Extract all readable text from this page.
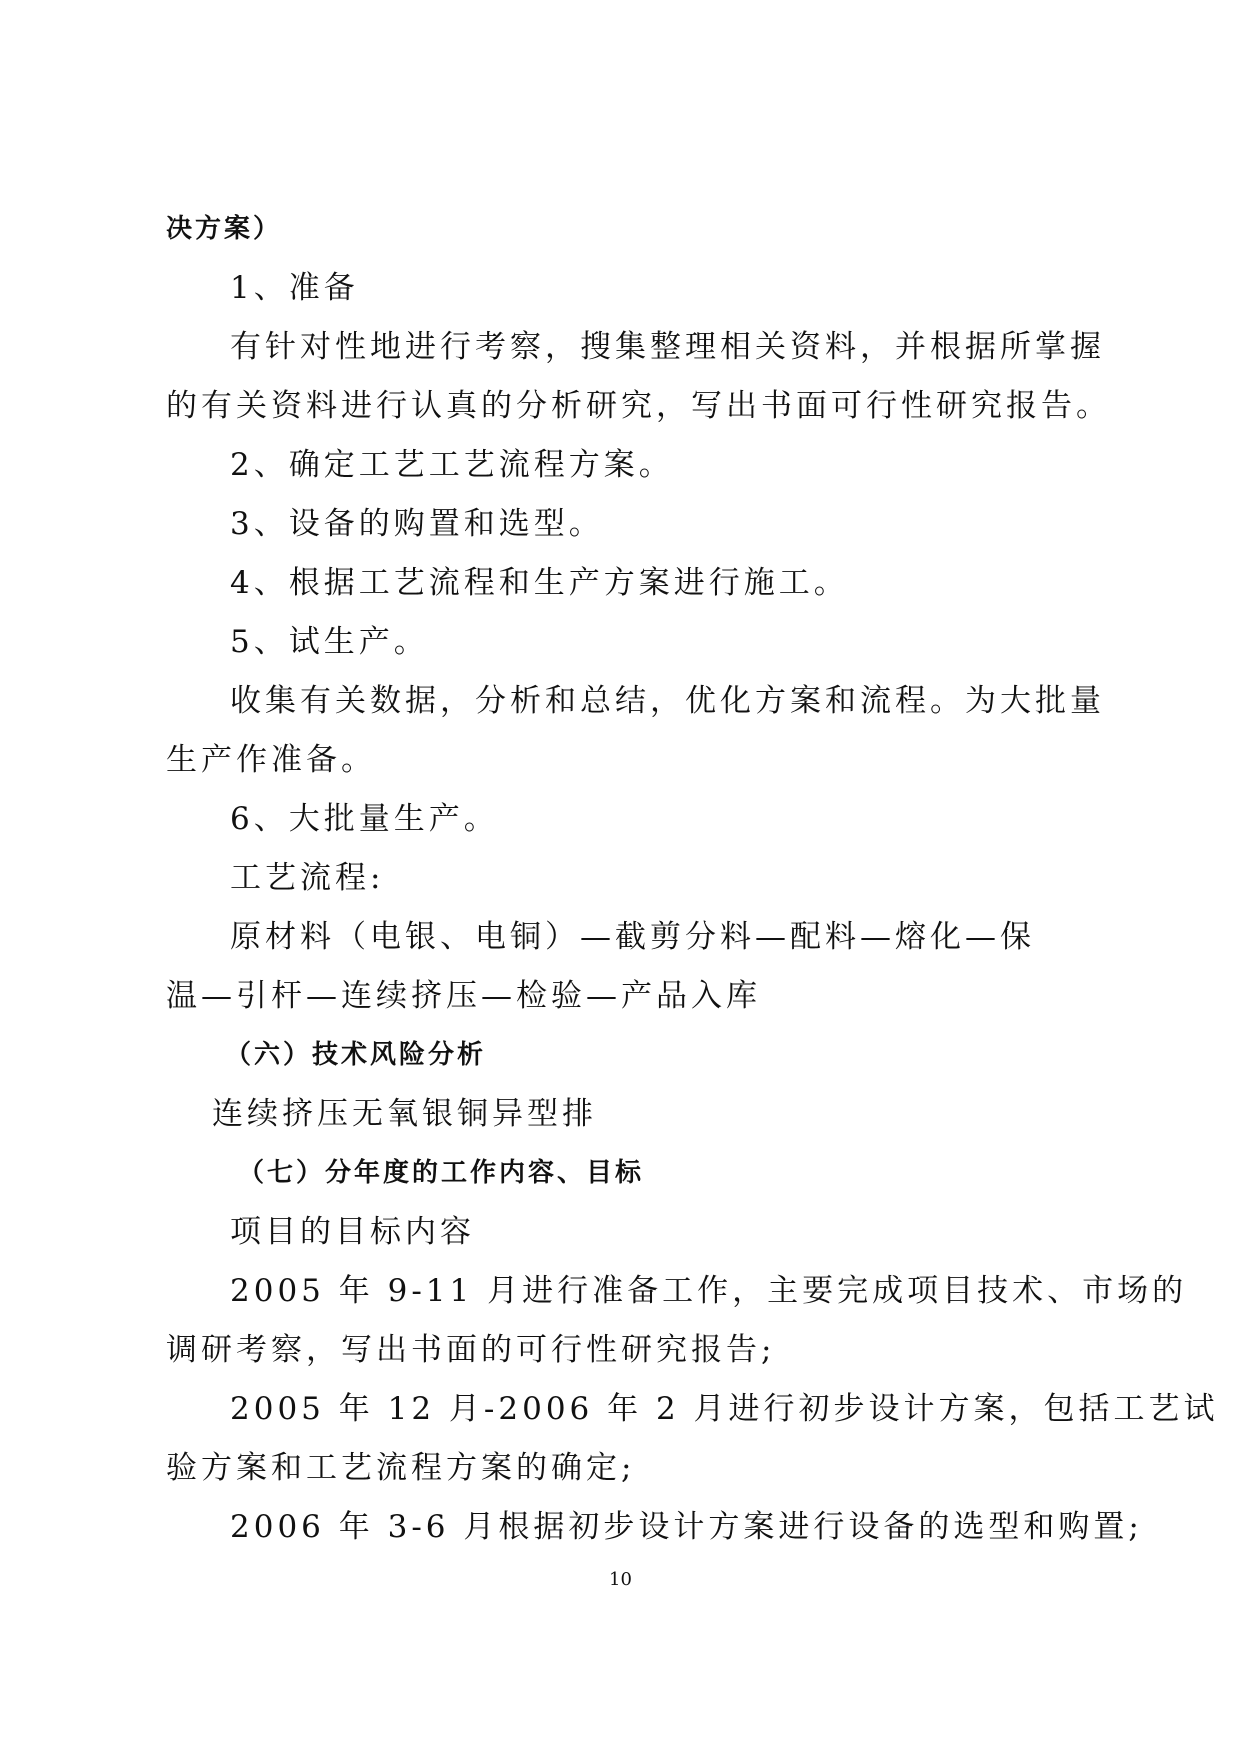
决方案）
1、准备
有针对性地进行考察，搜集整理相关资料，并根据所掌握
的有关资料进行认真的分析研究，写出书面可行性研究报告。
2、确定工艺工艺流程方案。
3、设备的购置和选型。
4、根据工艺流程和生产方案进行施工。
5、试生产。
收集有关数据，分析和总结，优化方案和流程。为大批量
生产作准备。
6、大批量生产。
工艺流程:
原材料（电银、电铜）—截剪分料—配料—熔化—保
温—引杆—连续挤压—检验—产品入库
（六）技术风险分析
连续挤压无氧银铜异型排
（七）分年度的工作内容、目标
项目的目标内容
2005 年 9-11 月进行准备工作，主要完成项目技术、市场的
调研考察，写出书面的可行性研究报告;
2005 年 12 月-2006 年 2 月进行初步设计方案，包括工艺试
验方案和工艺流程方案的确定;
2006 年 3-6 月根据初步设计方案进行设备的选型和购置;
10
